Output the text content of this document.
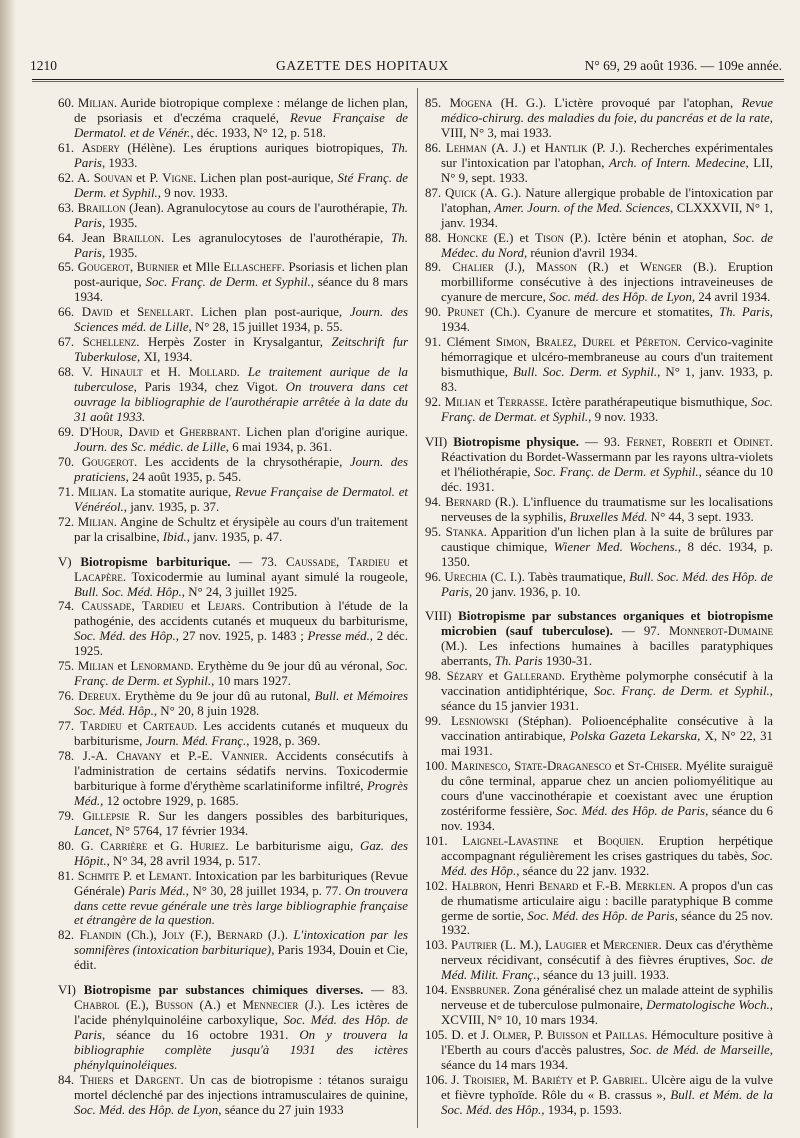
1210	GAZETTE DES HOPITAUX	N° 69, 29 août 1936. — 109e année.

60. Milian. Auride biotropique complexe : mélange de lichen plan, de psoriasis et d'eczéma craquelé, Revue Française de Dermatol. et de Vénér., déc. 1933, N° 12, p. 518.

61. Asdery (Hélène). Les éruptions auriques biotropiques, Th. Paris, 1933.

62. A. Souvan et P. Vigne. Lichen plan post-aurique, Sté Franç. de Derm. et Syphil., 9 nov. 1933.

63. Braillon (Jean). Agranulocytose au cours de l'aurothérapie, Th. Paris, 1935.

64. Jean Braillon. Les agranulocytoses de l'aurothérapie, Th. Paris, 1935.

65. Gougerot, Burnier et Mlle Ellascheff. Psoriasis et lichen plan post-aurique, Soc. Franç. de Derm. et Syphil., séance du 8 mars 1934.

66. David et Senellart. Lichen plan post-aurique, Journ. des Sciences méd. de Lille, N° 28, 15 juillet 1934, p. 55.

67. Schellenz. Herpès Zoster in Krysalgantur, Zeitschrift fur Tuberkulose, XI, 1934.

68. V. Hinault et H. Mollard. Le traitement aurique de la tuberculose, Paris 1934, chez Vigot. On trouvera dans cet ouvrage la bibliographie de l'aurothérapie arrêtée à la date du 31 août 1933.

69. D'Hour, David et Gherbrant. Lichen plan d'origine aurique. Journ. des Sc. médic. de Lille, 6 mai 1934, p. 361.

70. Gougerot. Les accidents de la chrysothérapie, Journ. des praticiens, 24 août 1935, p. 545.

71. Milian. La stomatite aurique, Revue Française de Dermatol. et Vénéréol., janv. 1935, p. 37.

72. Milian. Angine de Schultz et érysipèle au cours d'un traitement par la crisalbine, Ibid., janv. 1935, p. 47.

V) Biotropisme barbiturique. — 73. Caussade, Tardieu et Lacapère. Toxicodermie au luminal ayant simulé la rougeole, Bull. Soc. Méd. Hôp., N° 24, 3 juillet 1925.

74. Caussade, Tardieu et Lejars. Contribution à l'étude de la pathogénie, des accidents cutanés et muqueux du barbiturisme, Soc. Méd. des Hôp., 27 nov. 1925, p. 1483 ; Presse méd., 2 déc. 1925.

75. Milian et Lenormand. Erythème du 9e jour dû au véronal, Soc. Franç. de Derm. et Syphil., 10 mars 1927.

76. Dereux. Erythème du 9e jour dû au rutonal, Bull. et Mémoires Soc. Méd. Hôp., N° 20, 8 juin 1928.

77. Tardieu et Carteaud. Les accidents cutanés et muqueux du barbiturisme, Journ. Méd. Franç., 1928, p. 369.

78. J.-A. Chavany et P.-E. Vannier. Accidents consécutifs à l'administration de certains sédatifs nervins. Toxicodermie barbiturique à forme d'érythème scarlatiniforme infiltré, Progrès Méd., 12 octobre 1929, p. 1685.

79. Gillepsie R. Sur les dangers possibles des barbituriques, Lancet, N° 5764, 17 février 1934.

80. G. Carrière et G. Huriez. Le barbiturisme aigu, Gaz. des Hôpit., N° 34, 28 avril 1934, p. 517.

81. Schmite P. et Lemant. Intoxication par les barbituriques (Revue Générale) Paris Méd., N° 30, 28 juillet 1934, p. 77. On trouvera dans cette revue générale une très large bibliographie française et étrangère de la question.

82. Flandin (Ch.), Joly (F.), Bernard (J.). L'intoxication par les somnifères (intoxication barbiturique), Paris 1934, Douin et Cie, édit.

VI) Biotropisme par substances chimiques diverses. — 83. Chabrol (E.), Busson (A.) et Mennecier (J.). Les ictères de l'acide phénylquinoléine carboxylique, Soc. Méd. des Hôp. de Paris, séance du 16 octobre 1931. On y trouvera la bibliographie complète jusqu'à 1931 des ictères phénylquinoléiques.

84. Thiers et Dargent. Un cas de biotropisme : tétanos suraigu mortel déclenché par des injections intramusculaires de quinine, Soc. Méd. des Hôp. de Lyon, séance du 27 juin 1933

85. Mogena (H. G.). L'ictère provoqué par l'atophan, Revue médico-chirurg. des maladies du foie, du pancréas et de la rate, VIII, N° 3, mai 1933.

86. Lehman (A. J.) et Hantlik (P. J.). Recherches expérimentales sur l'intoxication par l'atophan, Arch. of Intern. Medecine, LII, N° 9, sept. 1933.

87. Quick (A. G.). Nature allergique probable de l'intoxication par l'atophan, Amer. Journ. of the Med. Sciences, CLXXXVII, N° 1, janv. 1934.

88. Honcke (E.) et Tison (P.). Ictère bénin et atophan, Soc. de Médec. du Nord, réunion d'avril 1934.

89. Chalier (J.), Masson (R.) et Wenger (B.). Eruption morbilliforme consécutive à des injections intraveineuses de cyanure de mercure, Soc. méd. des Hôp. de Lyon, 24 avril 1934.

90. Prunet (Ch.). Cyanure de mercure et stomatites, Th. Paris, 1934.

91. Clément Simon, Bralez, Durel et Péreton. Cervico-vaginite hémorragique et ulcéro-membraneuse au cours d'un traitement bismuthique, Bull. Soc. Derm. et Syphil., N° 1, janv. 1933, p. 83.

92. Milian et Terrasse. Ictère parathérapeutique bismuthique, Soc. Franç. de Dermat. et Syphil., 9 nov. 1933.

VII) Biotropisme physique. — 93. Fernet, Roberti et Odinet. Réactivation du Bordet-Wassermann par les rayons ultra-violets et l'héliothérapie, Soc. Franç. de Derm. et Syphil., séance du 10 déc. 1931.

94. Bernard (R.). L'influence du traumatisme sur les localisations nerveuses de la syphilis, Bruxelles Méd. N° 44, 3 sept. 1933.

95. Stanka. Apparition d'un lichen plan à la suite de brûlures par caustique chimique, Wiener Med. Wochens., 8 déc. 1934, p. 1350.

96. Urechia (C. I.). Tabès traumatique, Bull. Soc. Méd. des Hôp. de Paris, 20 janv. 1936, p. 10.

VIII) Biotropisme par substances organiques et biotropisme microbien (sauf tuberculose). — 97. Monnerot-Dumaine (M.). Les infections humaines à bacilles paratyphiques aberrants, Th. Paris 1930-31.

98. Sézary et Gallerand. Erythème polymorphe consécutif à la vaccination antidiphtérique, Soc. Franç. de Derm. et Syphil., séance du 15 janvier 1931.

99. Lesniowski (Stéphan). Polioencéphalite consécutive à la vaccination antirabique, Polska Gazeta Lekarska, X, N° 22, 31 mai 1931.

100. Marinesco, State-Draganesco et St-Chiser. Myélite suraiguë du cône terminal, apparue chez un ancien poliomyélitique au cours d'une vaccinothérapie et coexistant avec une éruption zostériforme fessière, Soc. Méd. des Hôp. de Paris, séance du 6 nov. 1934.

101. Laignel-Lavastine et Boquien. Eruption herpétique accompagnant régulièrement les crises gastriques du tabès, Soc. Méd. des Hôp., séance du 22 janv. 1932.

102. Halbron, Henri Benard et F.-B. Merklen. A propos d'un cas de rhumatisme articulaire aigu : bacille paratyphique B comme germe de sortie, Soc. Méd. des Hôp. de Paris, séance du 25 nov. 1932.

103. Pautrier (L. M.), Laugier et Mercenier. Deux cas d'érythème nerveux récidivant, consécutif à des fièvres éruptives, Soc. de Méd. Milit. Franç., séance du 13 juill. 1933.

104. Ensbruner. Zona généralisé chez un malade atteint de syphilis nerveuse et de tuberculose pulmonaire, Dermatologische Woch., XCVIII, N° 10, 10 mars 1934.

105. D. et J. Olmer, P. Buisson et Paillas. Hémoculture positive à l'Eberth au cours d'accès palustres, Soc. de Méd. de Marseille, séance du 14 mars 1934.

106. J. Troisier, M. Bariéty et P. Gabriel. Ulcère aigu de la vulve et fièvre typhoïde. Rôle du « B. crassus », Bull. et Mém. de la Soc. Méd. des Hôp., 1934, p. 1593.
